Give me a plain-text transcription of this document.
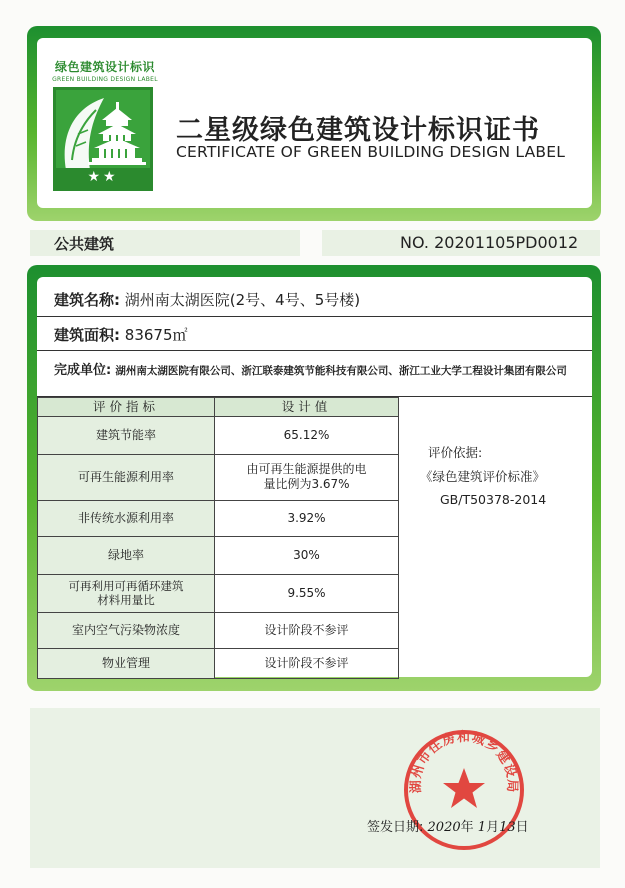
绿色建筑设计标识
GREEN BUILDING DESIGN LABEL
★★
二星级绿色建筑设计标识证书
CERTIFICATE OF GREEN BUILDING DESIGN LABEL
公共建筑	NO. 20201105PD0012
建筑名称: 湖州南太湖医院(2号、4号、5号楼)
建筑面积: 83675㎡
完成单位: 湖州南太湖医院有限公司、浙江联泰建筑节能科技有限公司、浙江工业大学工程设计集团有限公司
评价指标	设计值
建筑节能率	65.12%
可再生能源利用率	由可再生能源提供的电量比例为3.67%
非传统水源利用率	3.92%
绿地率	30%
可再利用可再循环建筑材料用量比	9.55%
室内空气污染物浓度	设计阶段不参评
物业管理	设计阶段不参评
评价依据:
《绿色建筑评价标准》
GB/T50378-2014
湖州市住房和城乡建设局
签发日期: 2020年 1月13日
